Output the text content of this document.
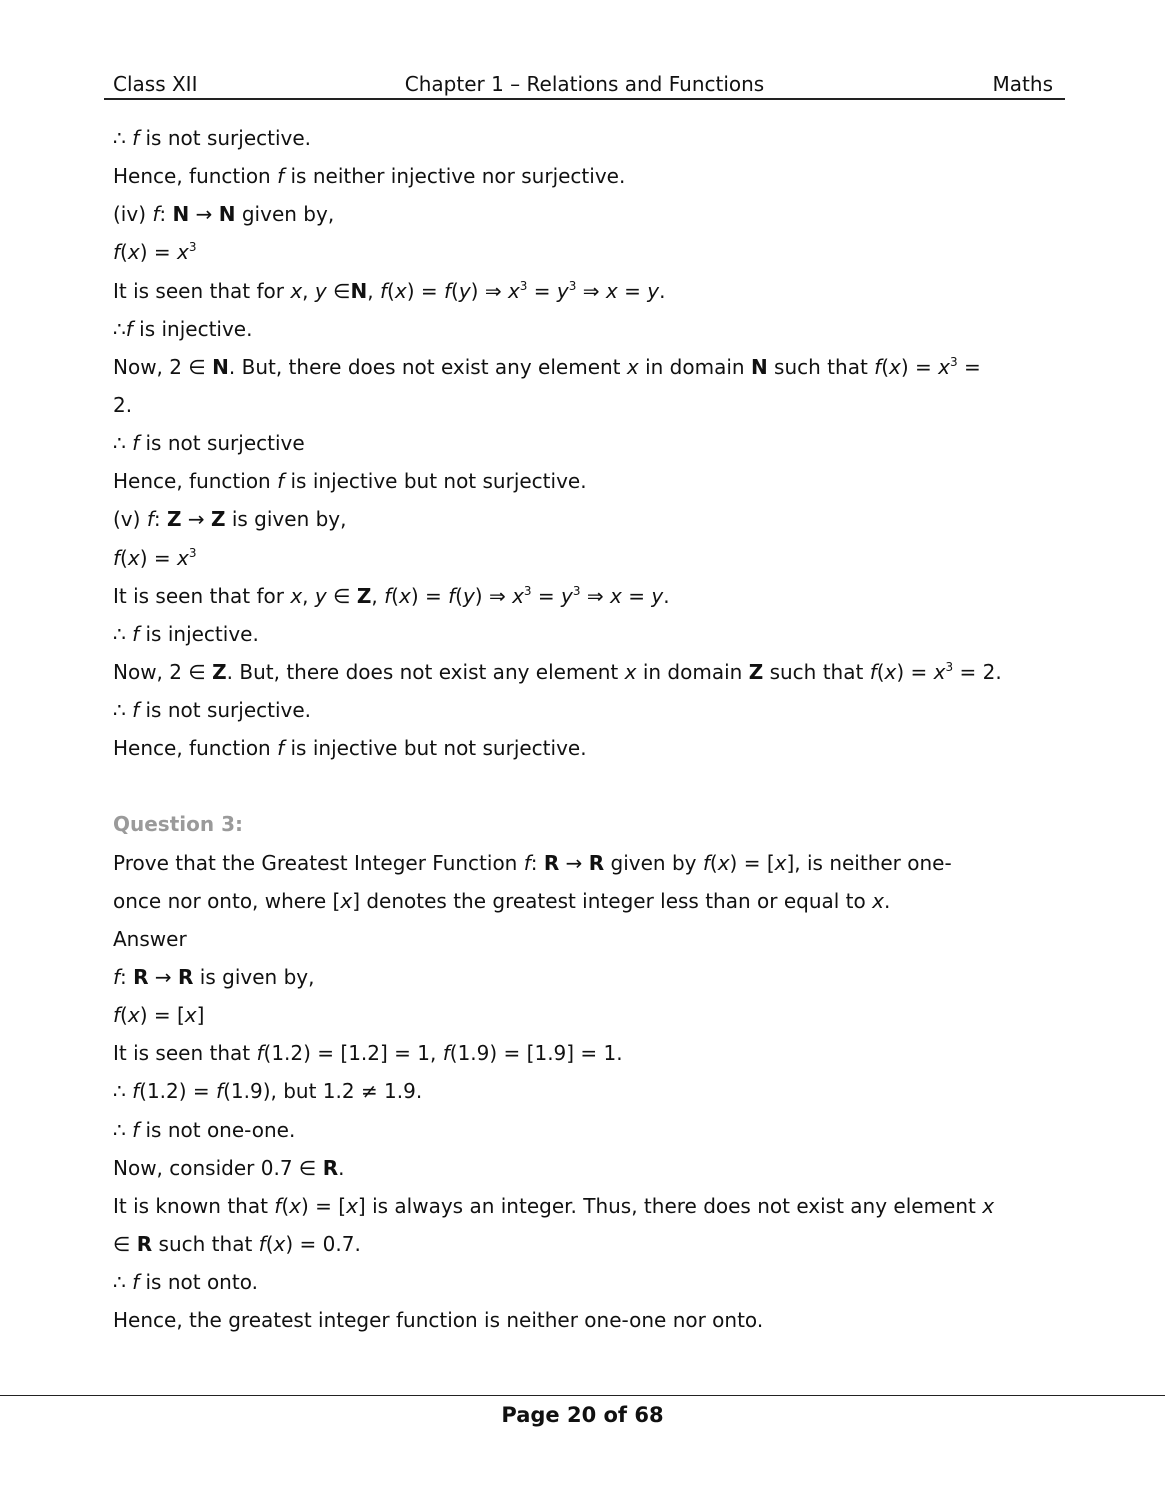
Class XII	Chapter 1 – Relations and Functions	Maths
∴ f is not surjective.
Hence, function f is neither injective nor surjective.
(iv) f: N → N given by,
$f(x) = x^3$
It is seen that for x, y ∈N, f(x) = f(y) ⇒ $x^3 = y^3$ ⇒ x = y.
∴f is injective.
Now, 2 ∈ N. But, there does not exist any element x in domain N such that $f(x) = x^3$ =
2.
∴ f is not surjective
Hence, function f is injective but not surjective.
(v) f: Z → Z is given by,
$f(x) = x^3$
It is seen that for x, y ∈ Z, f(x) = f(y) ⇒ $x^3 = y^3$ ⇒ x = y.
∴ f is injective.
Now, 2 ∈ Z. But, there does not exist any element x in domain Z such that $f(x) = x^3 = 2$.
∴ f is not surjective.
Hence, function f is injective but not surjective.
Question 3:
Prove that the Greatest Integer Function f: R → R given by f(x) = [x], is neither one-
once nor onto, where [x] denotes the greatest integer less than or equal to x.
Answer
f: R → R is given by,
f(x) = [x]
It is seen that f(1.2) = [1.2] = 1, f(1.9) = [1.9] = 1.
∴ f(1.2) = f(1.9), but 1.2 ≠ 1.9.
∴ f is not one-one.
Now, consider 0.7 ∈ R.
It is known that f(x) = [x] is always an integer. Thus, there does not exist any element x
∈ R such that f(x) = 0.7.
∴ f is not onto.
Hence, the greatest integer function is neither one-one nor onto.
Page 20 of 68
